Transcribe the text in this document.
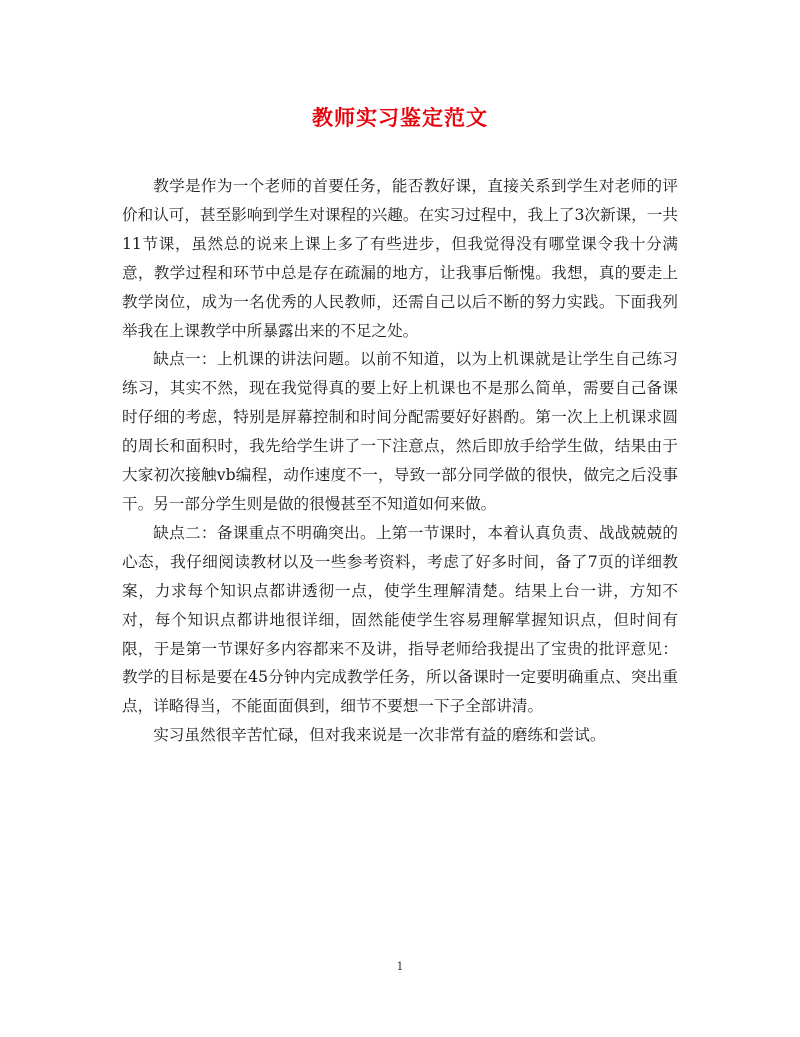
教师实习鉴定范文

教学是作为一个老师的首要任务，能否教好课，直接关系到学生对老师的评价和认可，甚至影响到学生对课程的兴趣。在实习过程中，我上了3次新课，一共11节课，虽然总的说来上课上多了有些进步，但我觉得没有哪堂课令我十分满意，教学过程和环节中总是存在疏漏的地方，让我事后惭愧。我想，真的要走上教学岗位，成为一名优秀的人民教师，还需自己以后不断的努力实践。下面我列举我在上课教学中所暴露出来的不足之处。

缺点一：上机课的讲法问题。以前不知道，以为上机课就是让学生自己练习练习，其实不然，现在我觉得真的要上好上机课也不是那么简单，需要自己备课时仔细的考虑，特别是屏幕控制和时间分配需要好好斟酌。第一次上上机课求圆的周长和面积时，我先给学生讲了一下注意点，然后即放手给学生做，结果由于大家初次接触vb编程，动作速度不一，导致一部分同学做的很快，做完之后没事干。另一部分学生则是做的很慢甚至不知道如何来做。

缺点二：备课重点不明确突出。上第一节课时，本着认真负责、战战兢兢的心态，我仔细阅读教材以及一些参考资料，考虑了好多时间，备了7页的详细教案，力求每个知识点都讲透彻一点，使学生理解清楚。结果上台一讲，方知不对，每个知识点都讲地很详细，固然能使学生容易理解掌握知识点，但时间有限，于是第一节课好多内容都来不及讲，指导老师给我提出了宝贵的批评意见：教学的目标是要在45分钟内完成教学任务，所以备课时一定要明确重点、突出重点，详略得当，不能面面俱到，细节不要想一下子全部讲清。

实习虽然很辛苦忙碌，但对我来说是一次非常有益的磨练和尝试。

1
